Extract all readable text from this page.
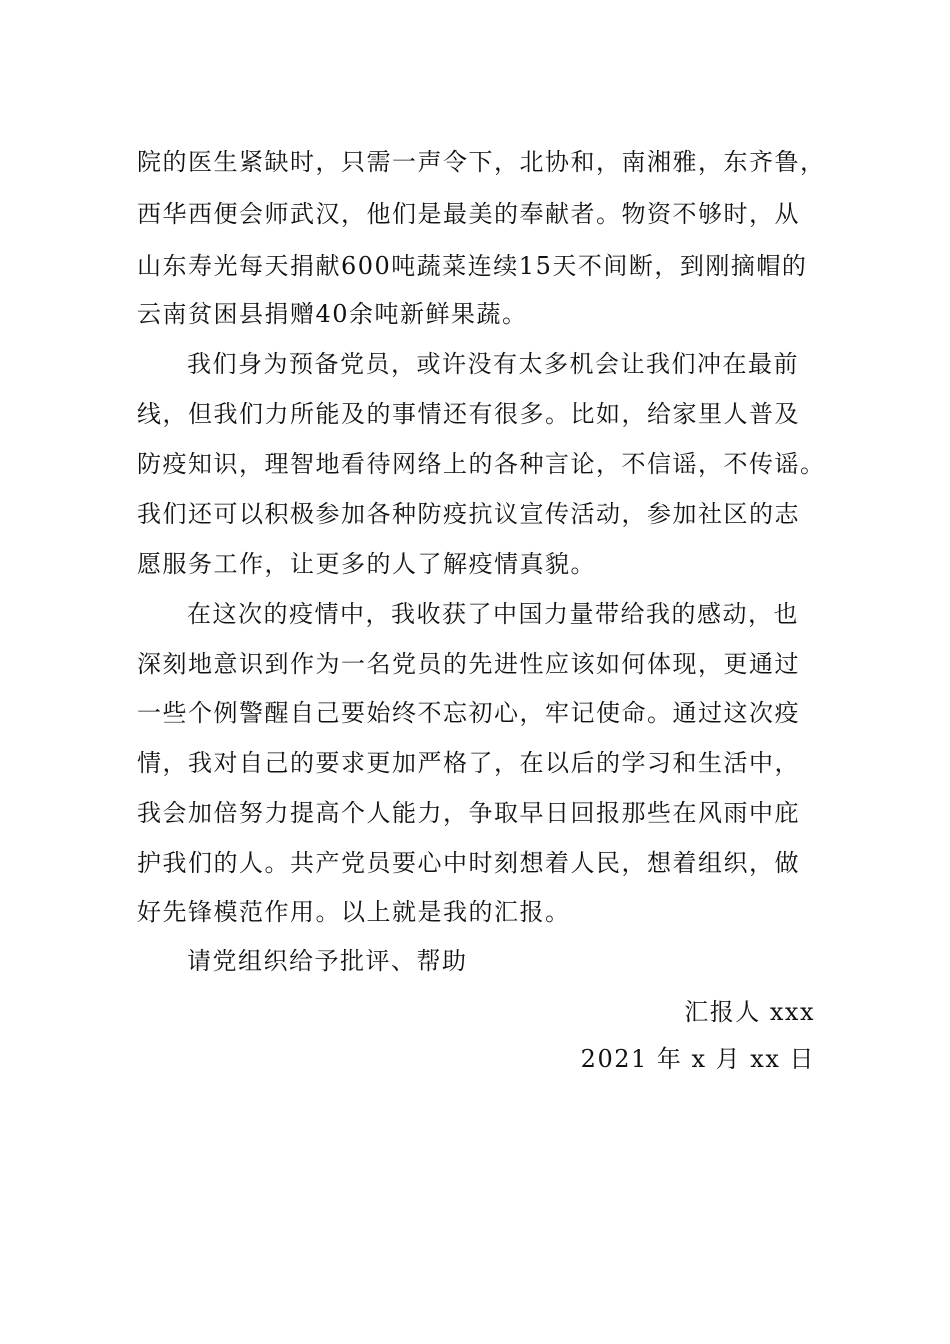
院的医生紧缺时，只需一声令下，北协和，南湘雅，东齐鲁，
西华西便会师武汉，他们是最美的奉献者。物资不够时，从
山东寿光每天捐献600吨蔬菜连续15天不间断，到刚摘帽的
云南贫困县捐赠40余吨新鲜果蔬。
我们身为预备党员，或许没有太多机会让我们冲在最前
线，但我们力所能及的事情还有很多。比如，给家里人普及
防疫知识，理智地看待网络上的各种言论，不信谣，不传谣。
我们还可以积极参加各种防疫抗议宣传活动，参加社区的志
愿服务工作，让更多的人了解疫情真貌。
在这次的疫情中，我收获了中国力量带给我的感动，也
深刻地意识到作为一名党员的先进性应该如何体现，更通过
一些个例警醒自己要始终不忘初心，牢记使命。通过这次疫
情，我对自己的要求更加严格了，在以后的学习和生活中，
我会加倍努力提高个人能力，争取早日回报那些在风雨中庇
护我们的人。共产党员要心中时刻想着人民，想着组织，做
好先锋模范作用。以上就是我的汇报。
请党组织给予批评、帮助
汇报人 xxx
2021 年 x 月 xx 日
